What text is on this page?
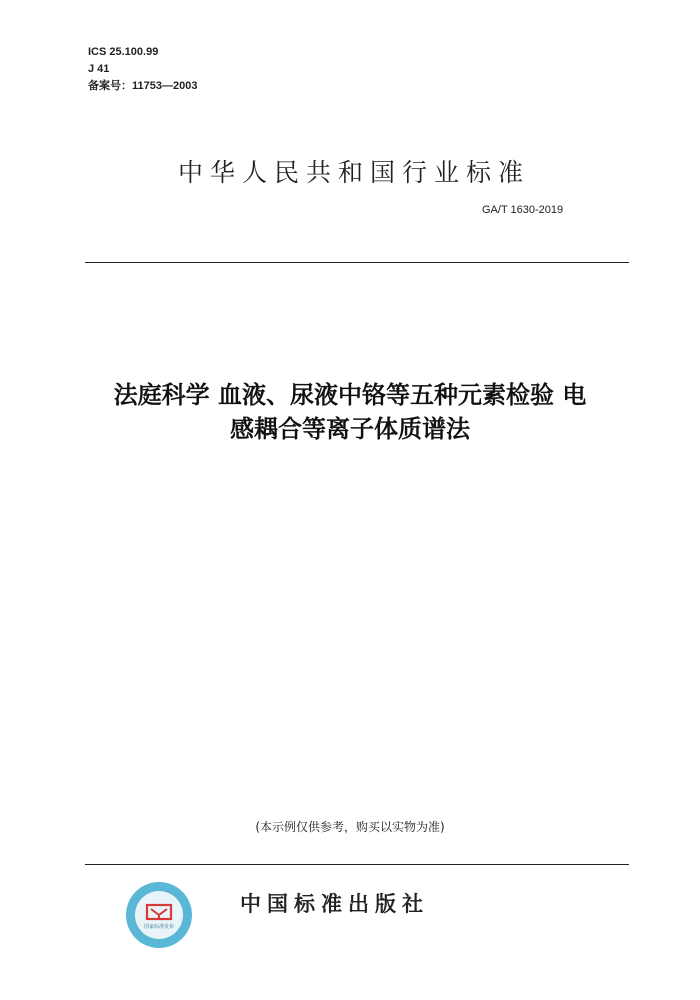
ICS 25.100.99
J 41
备案号：11753—2003
中华人民共和国行业标准
GA/T 1630-2019
法庭科学 血液、尿液中铬等五种元素检验 电
感耦合等离子体质谱法
(本示例仅供参考，购买以实物为准)
国家标准发布
中国标准出版社
